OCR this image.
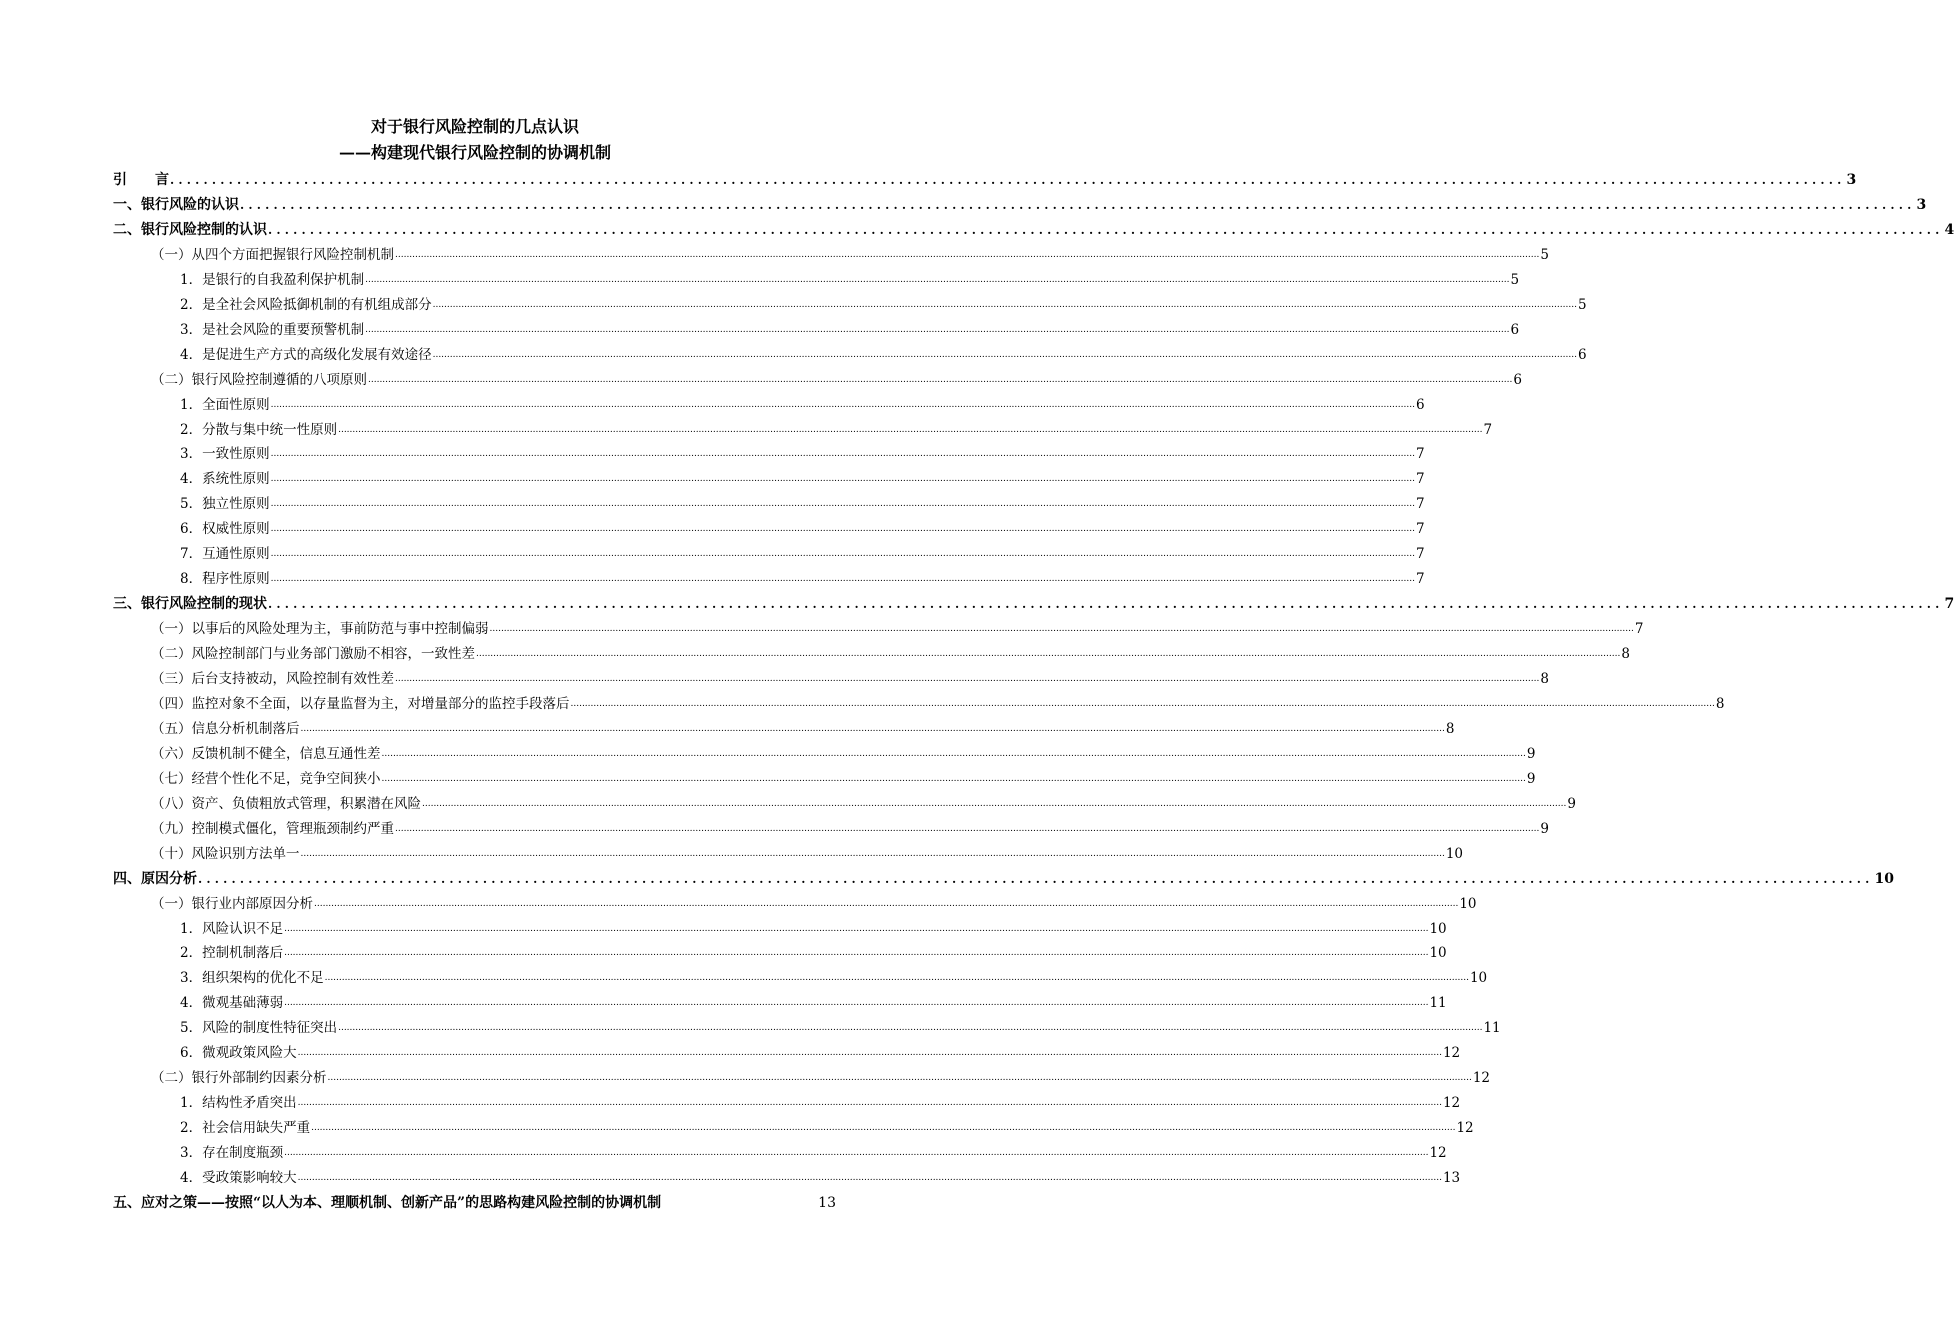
对于银行风险控制的几点认识
——构建现代银行风险控制的协调机制
引　　言 ........................................................................................................................................................................................................ 3
一、银行风险的认识 ........................................................................................................................................................................................................ 3
二、银行风险控制的认识 ........................................................................................................................................................................................................ 4
（一）从四个方面把握银行风险控制机制 ................................................................................................................................................................................................................................................................................................................................................................................................................ 5
1．是银行的自我盈利保护机制 ................................................................................................................................................................................................................................................................................................................................................................................................................ 5
2．是全社会风险抵御机制的有机组成部分 ................................................................................................................................................................................................................................................................................................................................................................................................................ 5
3．是社会风险的重要预警机制 ................................................................................................................................................................................................................................................................................................................................................................................................................ 6
4．是促进生产方式的高级化发展有效途径 ................................................................................................................................................................................................................................................................................................................................................................................................................ 6
（二）银行风险控制遵循的八项原则 ................................................................................................................................................................................................................................................................................................................................................................................................................ 6
1．全面性原则 ................................................................................................................................................................................................................................................................................................................................................................................................................ 6
2．分散与集中统一性原则 ................................................................................................................................................................................................................................................................................................................................................................................................................ 7
3．一致性原则 ................................................................................................................................................................................................................................................................................................................................................................................................................ 7
4．系统性原则 ................................................................................................................................................................................................................................................................................................................................................................................................................ 7
5．独立性原则 ................................................................................................................................................................................................................................................................................................................................................................................................................ 7
6．权威性原则 ................................................................................................................................................................................................................................................................................................................................................................................................................ 7
7．互通性原则 ................................................................................................................................................................................................................................................................................................................................................................................................................ 7
8．程序性原则 ................................................................................................................................................................................................................................................................................................................................................................................................................ 7
三、银行风险控制的现状 ........................................................................................................................................................................................................ 7
（一）以事后的风险处理为主，事前防范与事中控制偏弱 ................................................................................................................................................................................................................................................................................................................................................................................................................ 7
（二）风险控制部门与业务部门激励不相容，一致性差 ................................................................................................................................................................................................................................................................................................................................................................................................................ 8
（三）后台支持被动，风险控制有效性差 ................................................................................................................................................................................................................................................................................................................................................................................................................ 8
（四）监控对象不全面，以存量监督为主，对增量部分的监控手段落后 ................................................................................................................................................................................................................................................................................................................................................................................................................ 8
（五）信息分析机制落后 ................................................................................................................................................................................................................................................................................................................................................................................................................ 8
（六）反馈机制不健全，信息互通性差 ................................................................................................................................................................................................................................................................................................................................................................................................................ 9
（七）经营个性化不足，竞争空间狭小 ................................................................................................................................................................................................................................................................................................................................................................................................................ 9
（八）资产、负债粗放式管理，积累潜在风险 ................................................................................................................................................................................................................................................................................................................................................................................................................ 9
（九）控制模式僵化，管理瓶颈制约严重 ................................................................................................................................................................................................................................................................................................................................................................................................................ 9
（十）风险识别方法单一 ................................................................................................................................................................................................................................................................................................................................................................................................................ 10
四、原因分析 ........................................................................................................................................................................................................ 10
（一）银行业内部原因分析 ................................................................................................................................................................................................................................................................................................................................................................................................................ 10
1．风险认识不足 ................................................................................................................................................................................................................................................................................................................................................................................................................ 10
2．控制机制落后 ................................................................................................................................................................................................................................................................................................................................................................................................................ 10
3．组织架构的优化不足 ................................................................................................................................................................................................................................................................................................................................................................................................................ 10
4．微观基础薄弱 ................................................................................................................................................................................................................................................................................................................................................................................................................ 11
5．风险的制度性特征突出 ................................................................................................................................................................................................................................................................................................................................................................................................................ 11
6．微观政策风险大 ................................................................................................................................................................................................................................................................................................................................................................................................................ 12
（二）银行外部制约因素分析 ................................................................................................................................................................................................................................................................................................................................................................................................................ 12
1．结构性矛盾突出 ................................................................................................................................................................................................................................................................................................................................................................................................................ 12
2．社会信用缺失严重 ................................................................................................................................................................................................................................................................................................................................................................................................................ 12
3．存在制度瓶颈 ................................................................................................................................................................................................................................................................................................................................................................................................................ 12
4．受政策影响较大 ................................................................................................................................................................................................................................................................................................................................................................................................................ 13
五、应对之策——按照“以人为本、理顺机制、创新产品”的思路构建风险控制的协调机制	13
